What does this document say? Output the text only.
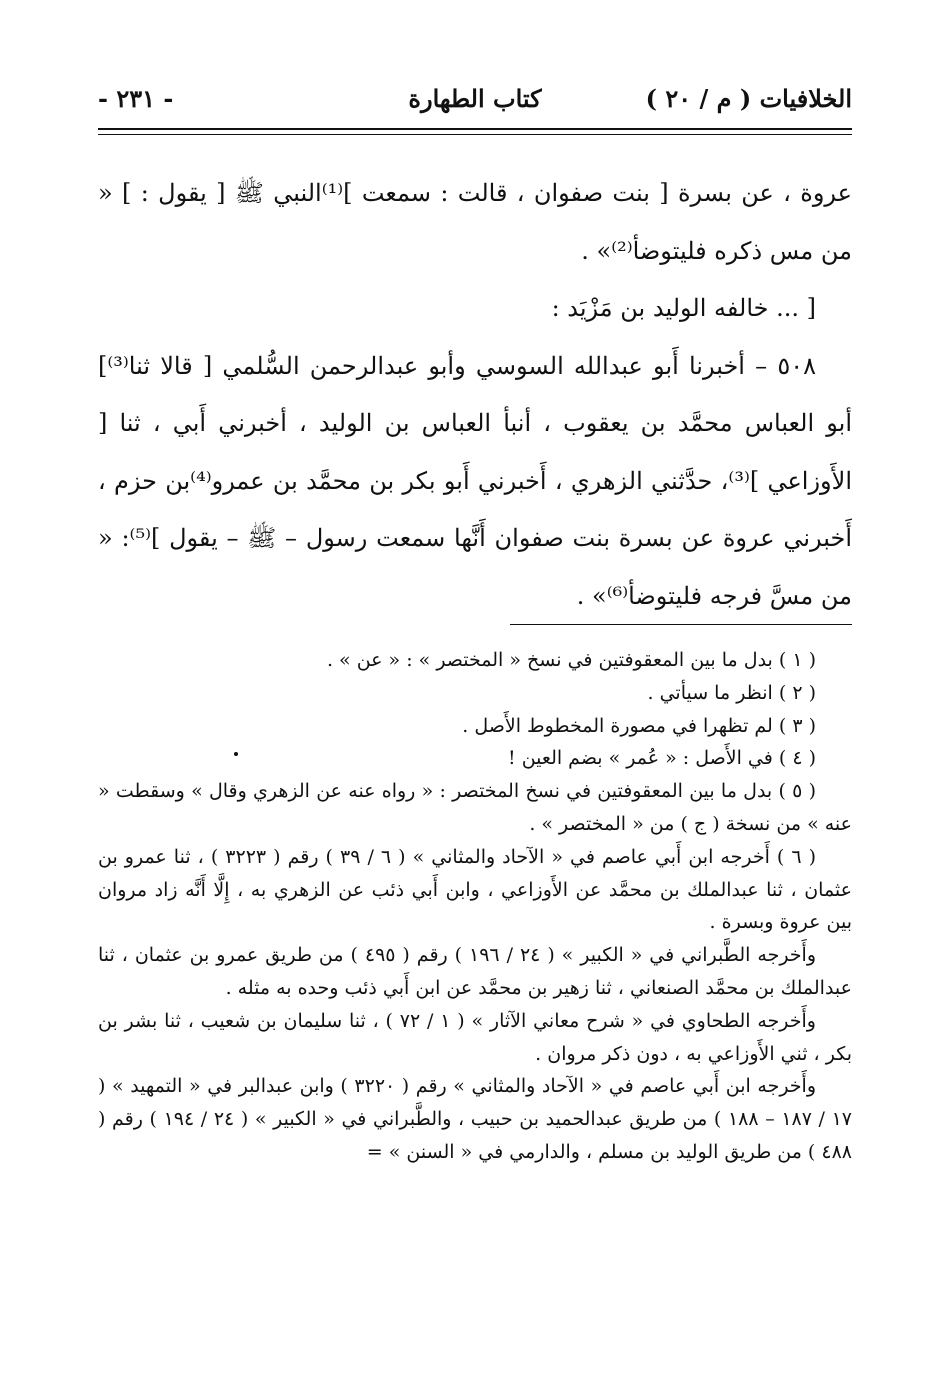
الخلافيات ( م / ٢٠ )
كتاب الطهارة
- ٢٣١ -

عروة ، عن بسرة [ بنت صفوان ، قالت : سمعت ]⁽¹⁾النبي ﷺ [ يقول : ] « من مس ذكره فليتوضأ⁽²⁾» .

[ ... خالفه الوليد بن مَزْيَد :

٥٠٨ – أخبرنا أَبو عبدالله السوسي وأبو عبدالرحمن السُّلمي [ قالا ثنا⁽³⁾] أبو العباس محمَّد بن يعقوب ، أنبأ العباس بن الوليد ، أخبرني أَبي ، ثنا [ الأَوزاعي ]⁽³⁾، حدَّثني الزهري ، أَخبرني أَبو بكر بن محمَّد بن عمرو⁽⁴⁾بن حزم ، أَخبرني عروة عن بسرة بنت صفوان أَنَّها سمعت رسول – ﷺ – يقول ]⁽⁵⁾: « من مسَّ فرجه فليتوضأ⁽⁶⁾» .

( ١ ) بدل ما بين المعقوفتين في نسخ « المختصر » : « عن » .

( ٢ ) انظر ما سيأتي .

( ٣ ) لم تظهرا في مصورة المخطوط الأَصل .

( ٤ ) في الأَصل : « عُمر » بضم العين !

( ٥ ) بدل ما بين المعقوفتين في نسخ المختصر : « رواه عنه عن الزهري وقال » وسقطت « عنه » من نسخة ( ج ) من « المختصر » .

( ٦ ) أَخرجه ابن أَبي عاصم في « الآحاد والمثاني » ( ٦ / ٣٩ ) رقم ( ٣٢٢٣ ) ، ثنا عمرو بن عثمان ، ثنا عبدالملك بن محمَّد عن الأَوزاعي ، وابن أَبي ذئب عن الزهري به ، إِلَّا أَنَّه زاد مروان بين عروة وبسرة .

وأَخرجه الطَّبراني في « الكبير » ( ٢٤ / ١٩٦ ) رقم ( ٤٩٥ ) من طريق عمرو بن عثمان ، ثنا عبدالملك بن محمَّد الصنعاني ، ثنا زهير بن محمَّد عن ابن أَبي ذئب وحده به مثله .

وأَخرجه الطحاوي في « شرح معاني الآثار » ( ١ / ٧٢ ) ، ثنا سليمان بن شعيب ، ثنا بشر بن بكر ، ثني الأَوزاعي به ، دون ذكر مروان .

وأَخرجه ابن أَبي عاصم في « الآحاد والمثاني » رقم ( ٣٢٢٠ ) وابن عبدالبر في « التمهيد » ( ١٧ / ١٨٧ – ١٨٨ ) من طريق عبدالحميد بن حبيب ، والطَّبراني في « الكبير » ( ٢٤ / ١٩٤ ) رقم ( ٤٨٨ ) من طريق الوليد بن مسلم ، والدارمي في « السنن » =
